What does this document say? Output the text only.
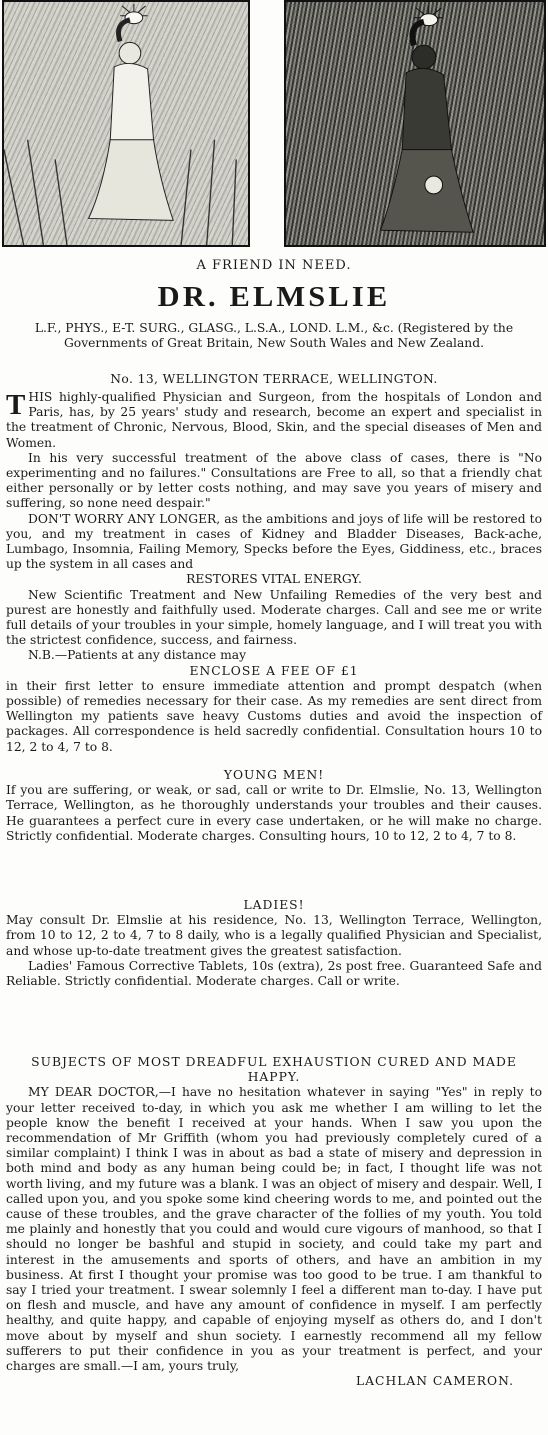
A FRIEND IN NEED.
DR. ELMSLIE
L.F., PHYS., E-T. SURG., GLASG., L.S.A., LOND. L.M., &c. (Registered by the Governments of Great Britain, New South Wales and New Zealand.
No. 13, WELLINGTON TERRACE, WELLINGTON.

THIS highly-qualified Physician and Surgeon, from the hospitals of London and Paris, has, by 25 years' study and research, become an expert and specialist in the treatment of Chronic, Nervous, Blood, Skin, and the special diseases of Men and Women.

In his very successful treatment of the above class of cases, there is "No experimenting and no failures." Consultations are Free to all, so that a friendly chat either personally or by letter costs nothing, and may save you years of misery and suffering, so none need despair."

DON'T WORRY ANY LONGER, as the ambitions and joys of life will be restored to you, and my treatment in cases of Kidney and Bladder Diseases, Back-ache, Lumbago, Insomnia, Failing Memory, Specks before the Eyes, Giddiness, etc., braces up the system in all cases and

RESTORES VITAL ENERGY.

New Scientific Treatment and New Unfailing Remedies of the very best and purest are honestly and faithfully used. Moderate charges. Call and see me or write full details of your troubles in your simple, homely language, and I will treat you with the strictest confidence, success, and fairness.

N.B.—Patients at any distance may

ENCLOSE A FEE OF £1

in their first letter to ensure immediate attention and prompt despatch (when possible) of remedies necessary for their case. As my remedies are sent direct from Wellington my patients save heavy Customs duties and avoid the inspection of packages. All correspondence is held sacredly confidential. Consultation hours 10 to 12, 2 to 4, 7 to 8.

YOUNG MEN!

If you are suffering, or weak, or sad, call or write to Dr. Elmslie, No. 13, Wellington Terrace, Wellington, as he thoroughly understands your troubles and their causes. He guarantees a perfect cure in every case undertaken, or he will make no charge. Strictly confidential. Moderate charges. Consulting hours, 10 to 12, 2 to 4, 7 to 8.

LADIES!

May consult Dr. Elmslie at his residence, No. 13, Wellington Terrace, Wellington, from 10 to 12, 2 to 4, 7 to 8 daily, who is a legally qualified Physician and Specialist, and whose up-to-date treatment gives the greatest satisfaction.

Ladies' Famous Corrective Tablets, 10s (extra), 2s post free. Guaranteed Safe and Reliable. Strictly confidential. Moderate charges. Call or write.

SUBJECTS OF MOST DREADFUL EXHAUSTION CURED AND MADE HAPPY.

MY DEAR DOCTOR,—I have no hesitation whatever in saying "Yes" in reply to your letter received to-day, in which you ask me whether I am willing to let the people know the benefit I received at your hands. When I saw you upon the recommendation of Mr Griffith (whom you had previously completely cured of a similar complaint) I think I was in about as bad a state of misery and depression in both mind and body as any human being could be; in fact, I thought life was not worth living, and my future was a blank. I was an object of misery and despair. Well, I called upon you, and you spoke some kind cheering words to me, and pointed out the cause of these troubles, and the grave character of the follies of my youth. You told me plainly and honestly that you could and would cure vigours of manhood, so that I should no longer be bashful and stupid in society, and could take my part and interest in the amusements and sports of others, and have an ambition in my business. At first I thought your promise was too good to be true. I am thankful to say I tried your treatment. I swear solemnly I feel a different man to-day. I have put on flesh and muscle, and have any amount of confidence in myself. I am perfectly healthy, and quite happy, and capable of enjoying myself as others do, and I don't move about by myself and shun society. I earnestly recommend all my fellow sufferers to put their confidence in you as your treatment is perfect, and your charges are small.—I am, yours truly,

LACHLAN CAMERON.
